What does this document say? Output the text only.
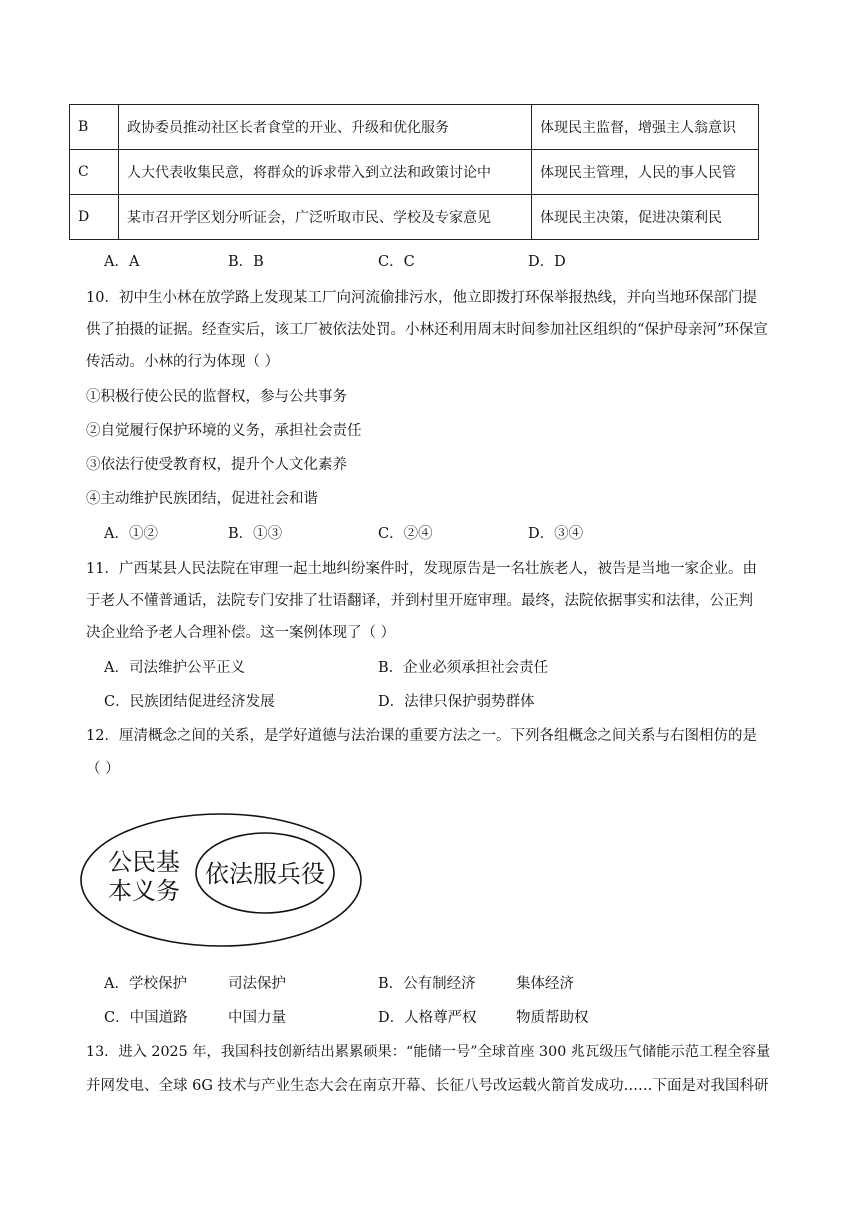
B	政协委员推动社区长者食堂的开业、升级和优化服务	体现民主监督，增强主人翁意识
C	人大代表收集民意，将群众的诉求带入到立法和政策讨论中	体现民主管理，人民的事人民管
D	某市召开学区划分听证会，广泛听取市民、学校及专家意见	体现民主决策，促进决策利民
A．A	B．B	C．C	D．D
10．初中生小林在放学路上发现某工厂向河流偷排污水，他立即拨打环保举报热线，并向当地环保部门提
供了拍摄的证据。经查实后，该工厂被依法处罚。小林还利用周末时间参加社区组织的“保护母亲河”环保宣
传活动。小林的行为体现（ ）
①积极行使公民的监督权，参与公共事务
②自觉履行保护环境的义务，承担社会责任
③依法行使受教育权，提升个人文化素养
④主动维护民族团结，促进社会和谐
A．①②	B．①③	C．②④	D．③④
11．广西某县人民法院在审理一起土地纠纷案件时，发现原告是一名壮族老人，被告是当地一家企业。由
于老人不懂普通话，法院专门安排了壮语翻译，并到村里开庭审理。最终，法院依据事实和法律，公正判
决企业给予老人合理补偿。这一案例体现了（ ）
A．司法维护公平正义	B．企业必须承担社会责任
C．民族团结促进经济发展	D．法律只保护弱势群体
12．厘清概念之间的关系，是学好道德与法治课的重要方法之一。下列各组概念之间关系与右图相仿的是
（ ）
公民基
本义务
依法服兵役
A．学校保护	司法保护	B．公有制经济	集体经济
C．中国道路	中国力量	D．人格尊严权	物质帮助权
13．进入 2025 年，我国科技创新结出累累硕果：“能储一号”全球首座 300 兆瓦级压气储能示范工程全容量
并网发电、全球 6G 技术与产业生态大会在南京开幕、长征八号改运载火箭首发成功……下面是对我国科研
